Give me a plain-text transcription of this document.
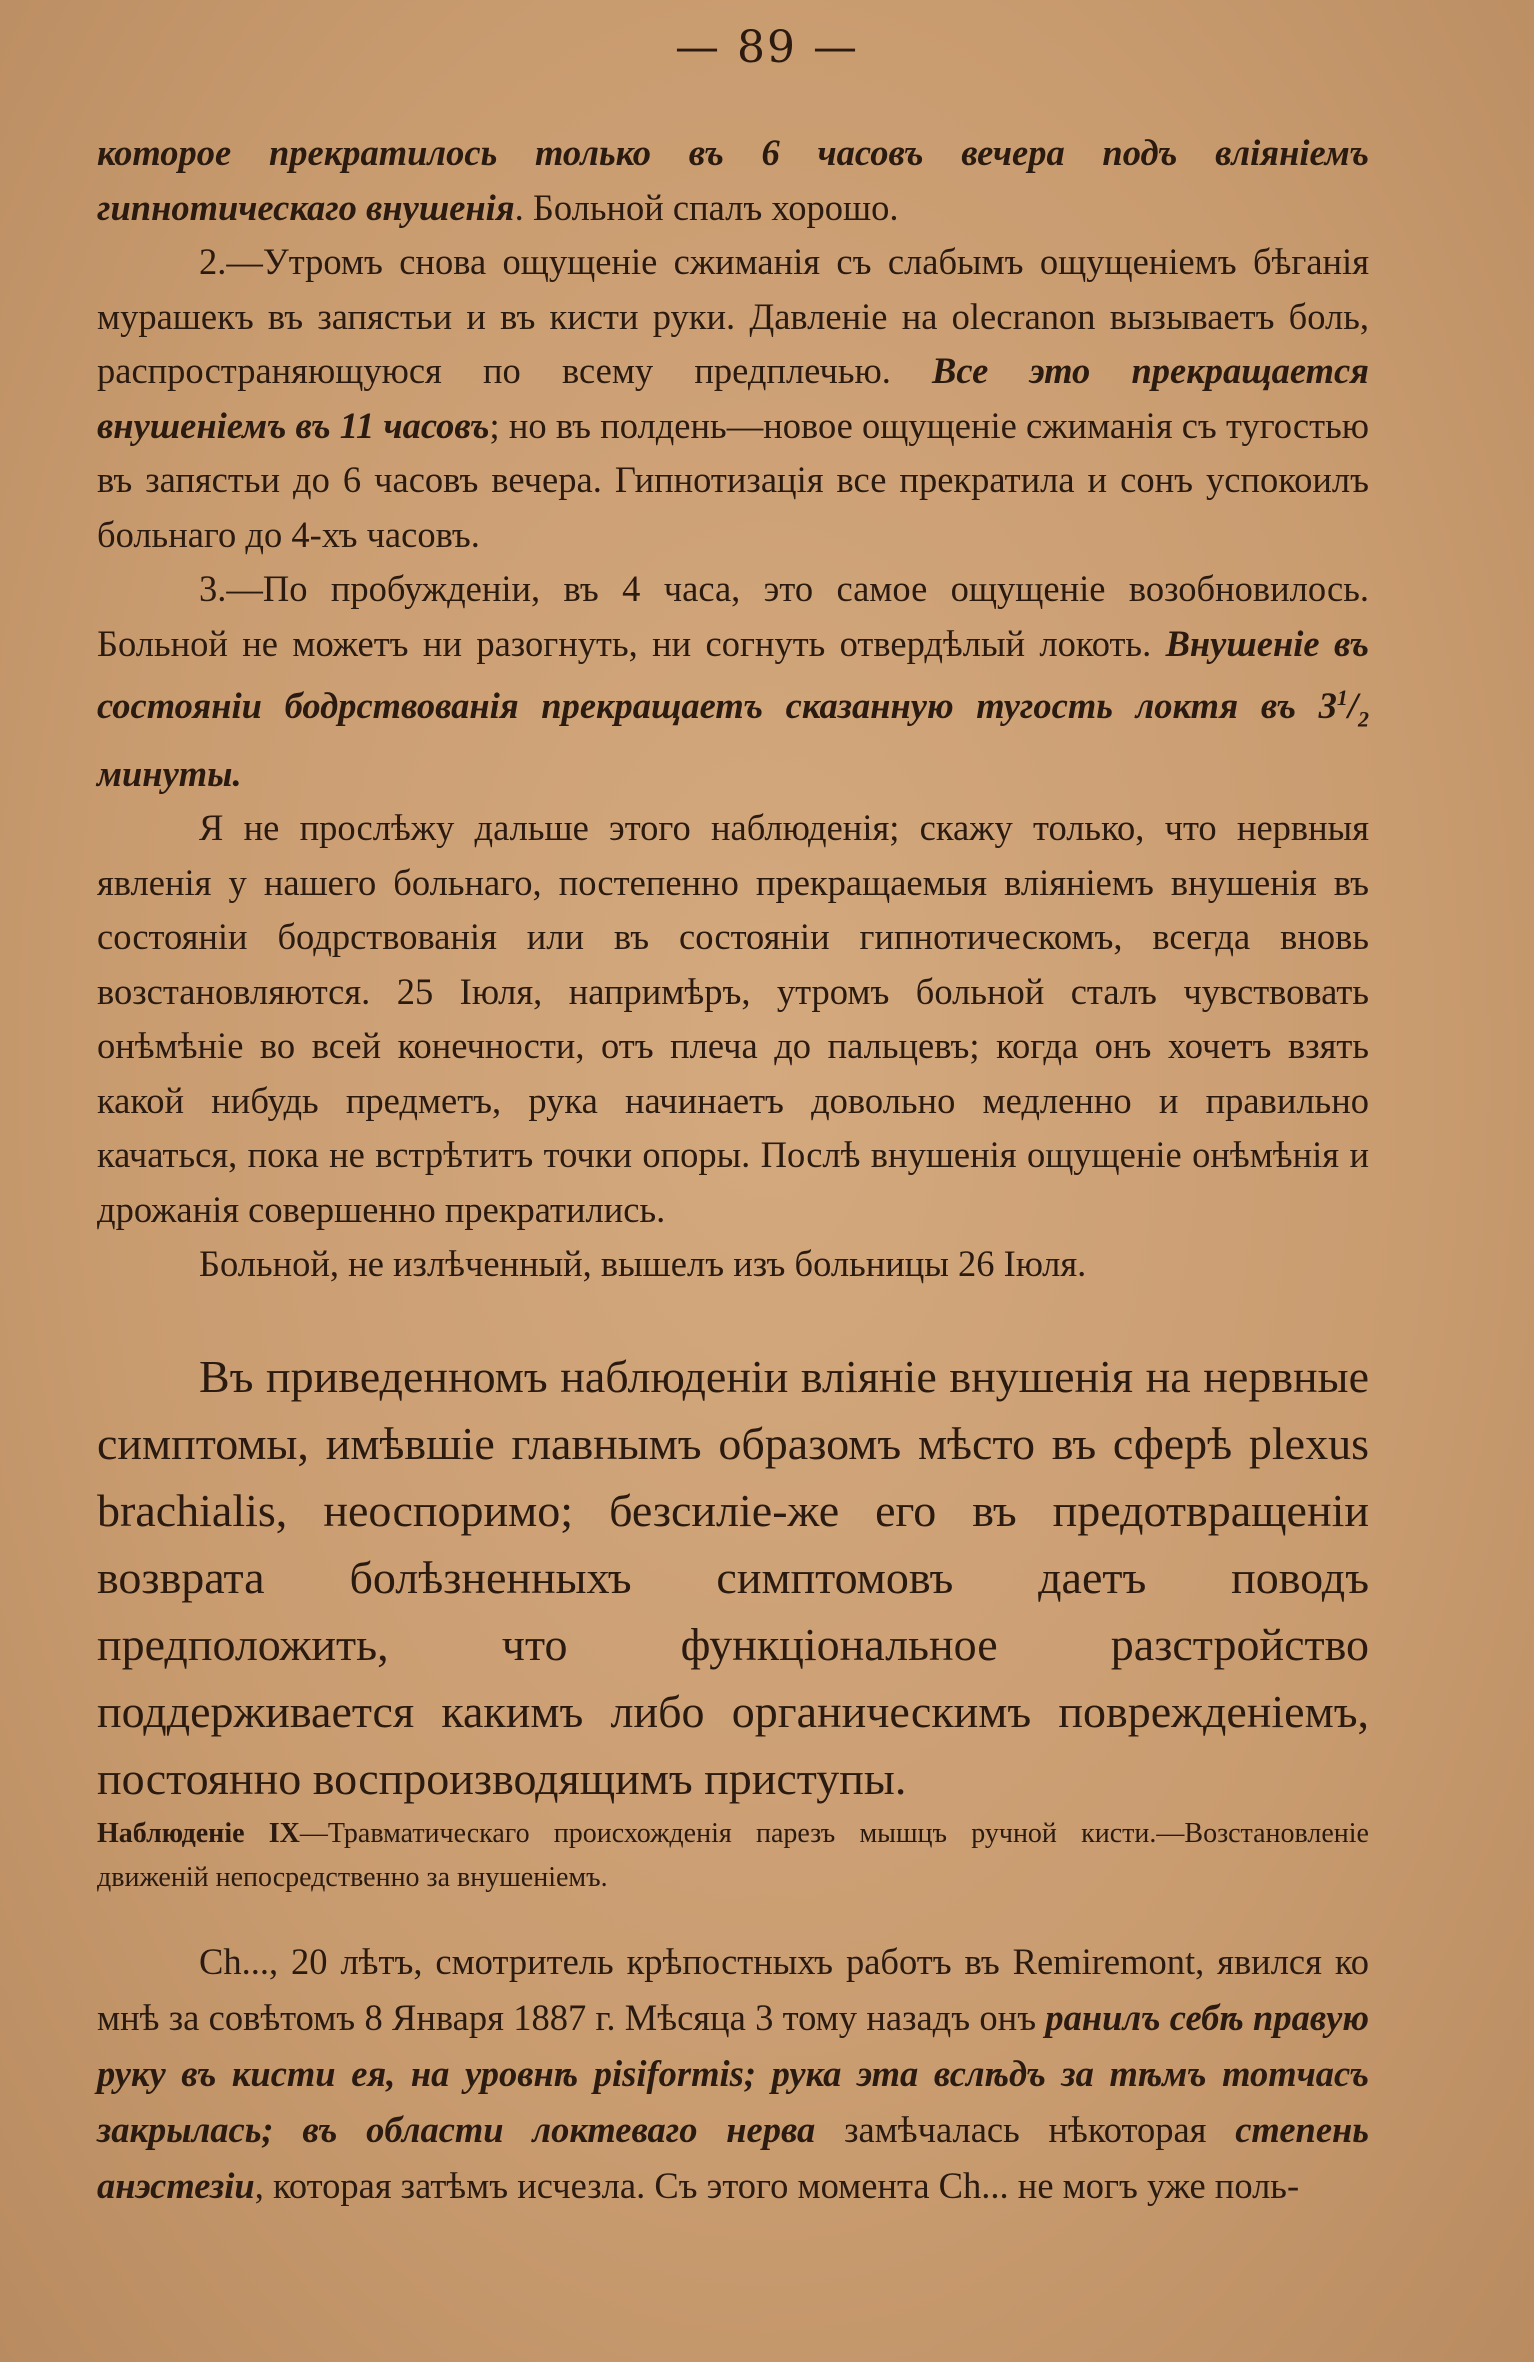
— 89 —

которое прекратилось только въ 6 часовъ вечера подъ вліяніемъ гипнотическаго внушенія. Больной спалъ хорошо.

2.—Утромъ снова ощущеніе сжиманія съ слабымъ ощущеніемъ бѣганія мурашекъ въ запястьи и въ кисти руки. Давленіе на olecranon вызываетъ боль, распространяющуюся по всему предплечью. Все это прекращается внушеніемъ въ 11 часовъ; но въ полдень—новое ощущеніе сжиманія съ тугостью въ запястьи до 6 часовъ вечера. Гипнотизація все прекратила и сонъ успокоилъ больнаго до 4-хъ часовъ.

3.—По пробужденіи, въ 4 часа, это самое ощущеніе возобновилось. Больной не можетъ ни разогнуть, ни согнуть отвердѣлый локоть. Внушеніе въ состояніи бодрствованія прекращаетъ сказанную тугость локтя въ $3^1/_2$ минуты.

Я не прослѣжу дальше этого наблюденія; скажу только, что нервныя явленія у нашего больнаго, постепенно прекращаемыя вліяніемъ внушенія въ состояніи бодрствованія или въ состояніи гипнотическомъ, всегда вновь возстановляются. 25 Іюля, напримѣръ, утромъ больной сталъ чувствовать онѣмѣніе во всей конечности, отъ плеча до пальцевъ; когда онъ хочетъ взять какой нибудь предметъ, рука начинаетъ довольно медленно и правильно качаться, пока не встрѣтитъ точки опоры. Послѣ внушенія ощущеніе онѣмѣнія и дрожанія совершенно прекратились.

Больной, не излѣченный, вышелъ изъ больницы 26 Іюля.

Въ приведенномъ наблюденіи вліяніе внушенія на нервные симптомы, имѣвшіе главнымъ образомъ мѣсто въ сферѣ plexus brachialis, неоспоримо; безсиліе-же его въ предотвращеніи возврата болѣзненныхъ симптомовъ даетъ поводъ предположить, что функціональное разстройство поддерживается какимъ либо органическимъ поврежденіемъ, постоянно воспроизводящимъ приступы.
Наблюденіе IX—Травматическаго происхожденія парезъ мышцъ ручной кисти.—Возстановленіе движеній непосредственно за внушеніемъ.

Ch..., 20 лѣтъ, смотритель крѣпостныхъ работъ въ Remiremont, явился ко мнѣ за совѣтомъ 8 Января 1887 г. Мѣсяца 3 тому назадъ онъ ранилъ себѣ правую руку въ кисти ея, на уровнѣ pisiformis; рука эта вслѣдъ за тѣмъ тотчасъ закрылась; въ области локтеваго нерва замѣчалась нѣкоторая степень анэстезіи, которая затѣмъ исчезла. Съ этого момента Ch... не могъ уже поль-
